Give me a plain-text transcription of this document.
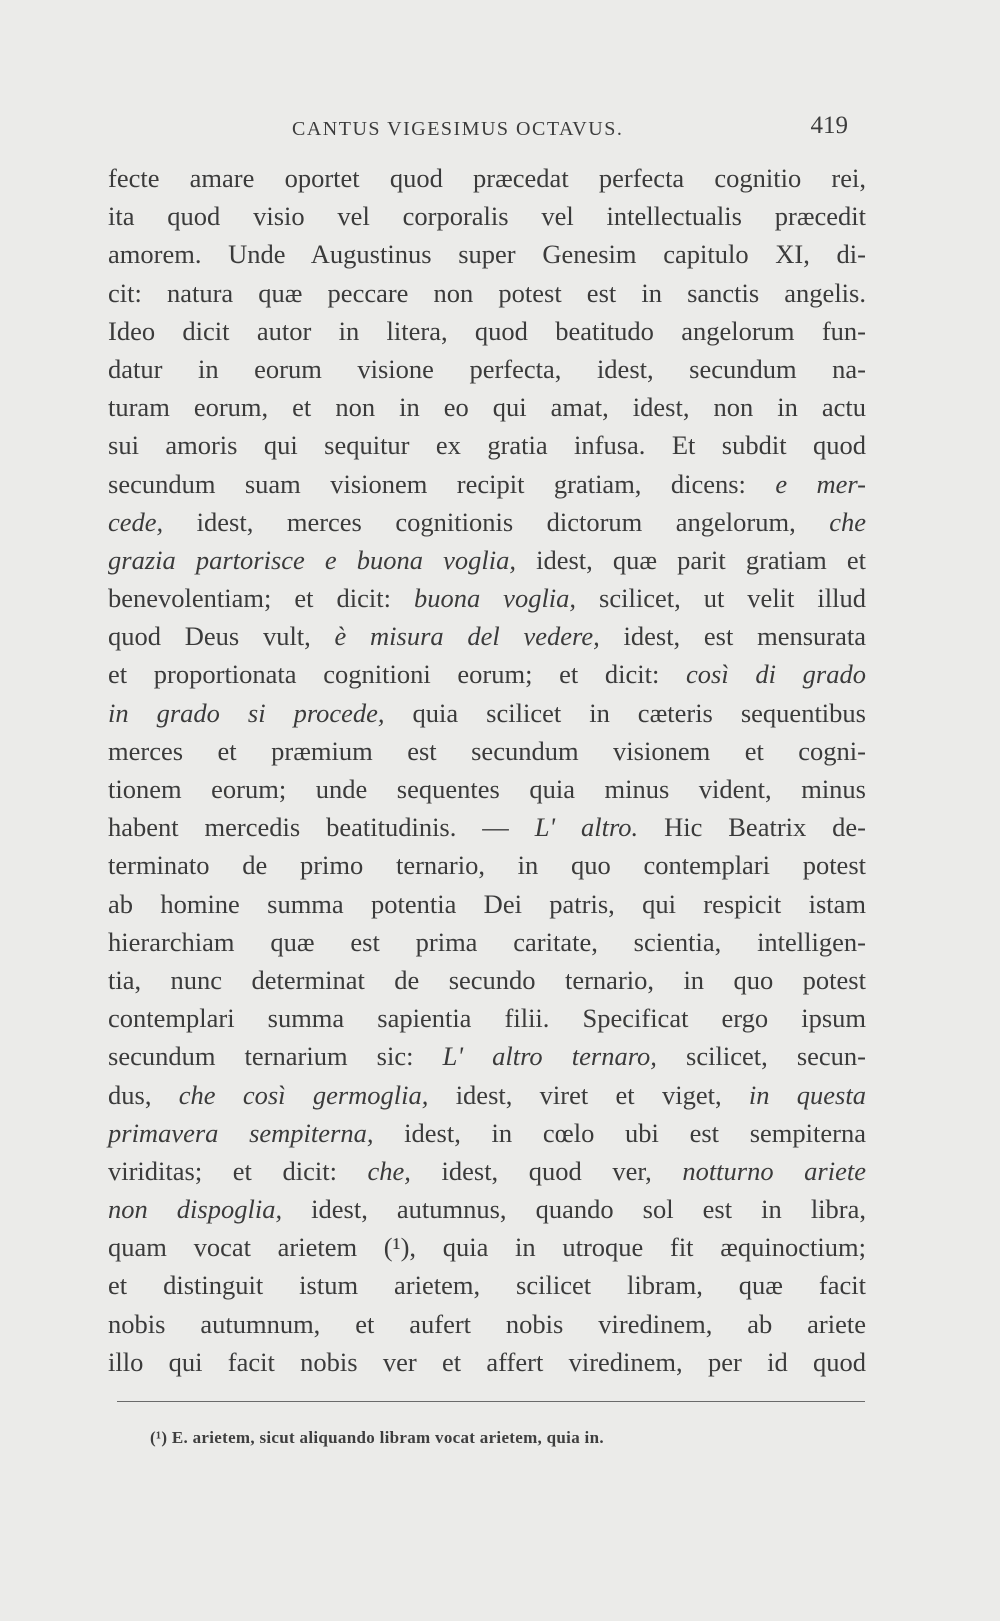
CANTUS VIGESIMUS OCTAVUS.	419
fecte amare oportet quod præcedat perfecta cognitio rei,
ita quod visio vel corporalis vel intellectualis præcedit
amorem. Unde Augustinus super Genesim capitulo XI, di-
cit: natura quæ peccare non potest est in sanctis angelis.
Ideo dicit autor in litera, quod beatitudo angelorum fun-
datur in eorum visione perfecta, idest, secundum na-
turam eorum, et non in eo qui amat, idest, non in actu
sui amoris qui sequitur ex gratia infusa. Et subdit quod
secundum suam visionem recipit gratiam, dicens: e mer-
cede, idest, merces cognitionis dictorum angelorum, che
grazia partorisce e buona voglia, idest, quæ parit gratiam et
benevolentiam; et dicit: buona voglia, scilicet, ut velit illud
quod Deus vult, è misura del vedere, idest, est mensurata
et proportionata cognitioni eorum; et dicit: così di grado
in grado si procede, quia scilicet in cæteris sequentibus
merces et præmium est secundum visionem et cogni-
tionem eorum; unde sequentes quia minus vident, minus
habent mercedis beatitudinis. — L' altro. Hic Beatrix de-
terminato de primo ternario, in quo contemplari potest
ab homine summa potentia Dei patris, qui respicit istam
hierarchiam quæ est prima caritate, scientia, intelligen-
tia, nunc determinat de secundo ternario, in quo potest
contemplari summa sapientia filii. Specificat ergo ipsum
secundum ternarium sic: L' altro ternaro, scilicet, secun-
dus, che così germoglia, idest, viret et viget, in questa
primavera sempiterna, idest, in cœlo ubi est sempiterna
viriditas; et dicit: che, idest, quod ver, notturno ariete
non dispoglia, idest, autumnus, quando sol est in libra,
quam vocat arietem (¹), quia in utroque fit æquinoctium;
et distinguit istum arietem, scilicet libram, quæ facit
nobis autumnum, et aufert nobis viredinem, ab ariete
illo qui facit nobis ver et affert viredinem, per id quod
(¹) E. arietem, sicut aliquando libram vocat arietem, quia in.
